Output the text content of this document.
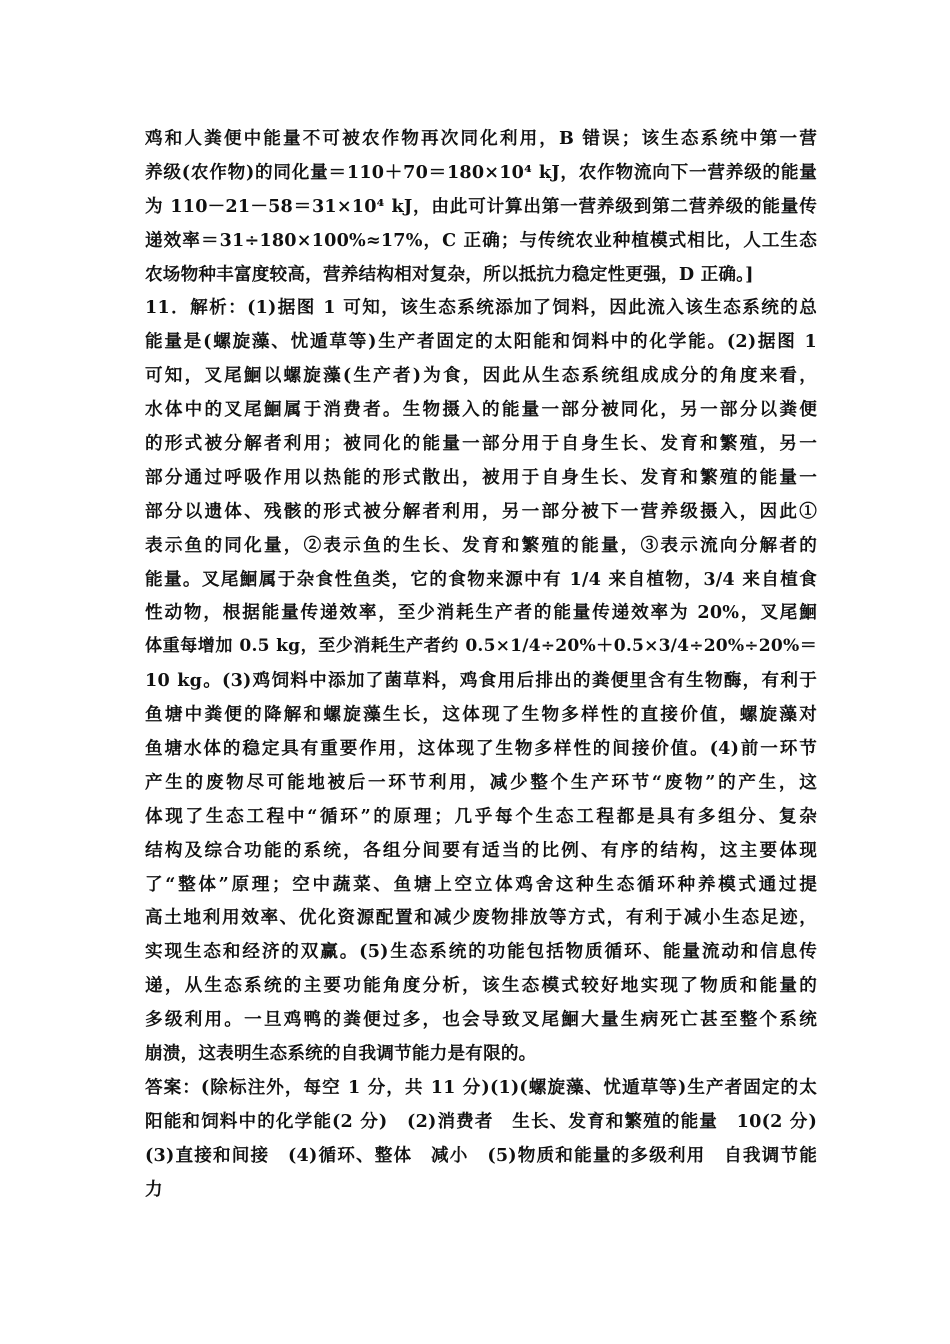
鸡和人粪便中能量不可被农作物再次同化利用，B 错误；该生态系统中第一营
养级(农作物)的同化量＝110＋70＝180×10⁴ kJ，农作物流向下一营养级的能量
为 110－21－58＝31×10⁴ kJ，由此可计算出第一营养级到第二营养级的能量传
递效率＝31÷180×100%≈17%，C 正确；与传统农业种植模式相比，人工生态
农场物种丰富度较高，营养结构相对复杂，所以抵抗力稳定性更强，D 正确。]
11．解析：(1)据图 1 可知，该生态系统添加了饲料，因此流入该生态系统的总
能量是(螺旋藻、忧遁草等)生产者固定的太阳能和饲料中的化学能。(2)据图 1
可知，叉尾鮰以螺旋藻(生产者)为食，因此从生态系统组成成分的角度来看，
水体中的叉尾鮰属于消费者。生物摄入的能量一部分被同化，另一部分以粪便
的形式被分解者利用；被同化的能量一部分用于自身生长、发育和繁殖，另一
部分通过呼吸作用以热能的形式散出，被用于自身生长、发育和繁殖的能量一
部分以遗体、残骸的形式被分解者利用，另一部分被下一营养级摄入，因此①
表示鱼的同化量，②表示鱼的生长、发育和繁殖的能量，③表示流向分解者的
能量。叉尾鮰属于杂食性鱼类，它的食物来源中有 1/4 来自植物，3/4 来自植食
性动物，根据能量传递效率，至少消耗生产者的能量传递效率为 20%，叉尾鮰
体重每增加 0.5 kg，至少消耗生产者约 0.5×1/4÷20%＋0.5×3/4÷20%÷20%＝
10 kg。(3)鸡饲料中添加了菌草料，鸡食用后排出的粪便里含有生物酶，有利于
鱼塘中粪便的降解和螺旋藻生长，这体现了生物多样性的直接价值，螺旋藻对
鱼塘水体的稳定具有重要作用，这体现了生物多样性的间接价值。(4)前一环节
产生的废物尽可能地被后一环节利用，减少整个生产环节“废物”的产生，这
体现了生态工程中“循环”的原理；几乎每个生态工程都是具有多组分、复杂
结构及综合功能的系统，各组分间要有适当的比例、有序的结构，这主要体现
了“整体”原理；空中蔬菜、鱼塘上空立体鸡舍这种生态循环种养模式通过提
高土地利用效率、优化资源配置和减少废物排放等方式，有利于减小生态足迹，
实现生态和经济的双赢。(5)生态系统的功能包括物质循环、能量流动和信息传
递，从生态系统的主要功能角度分析，该生态模式较好地实现了物质和能量的
多级利用。一旦鸡鸭的粪便过多，也会导致叉尾鮰大量生病死亡甚至整个系统
崩溃，这表明生态系统的自我调节能力是有限的。
答案：(除标注外，每空 1 分，共 11 分)(1)(螺旋藻、忧遁草等)生产者固定的太
阳能和饲料中的化学能(2 分)　(2)消费者　生长、发育和繁殖的能量　10(2 分)
(3)直接和间接　(4)循环、整体　减小　(5)物质和能量的多级利用　自我调节能
力
